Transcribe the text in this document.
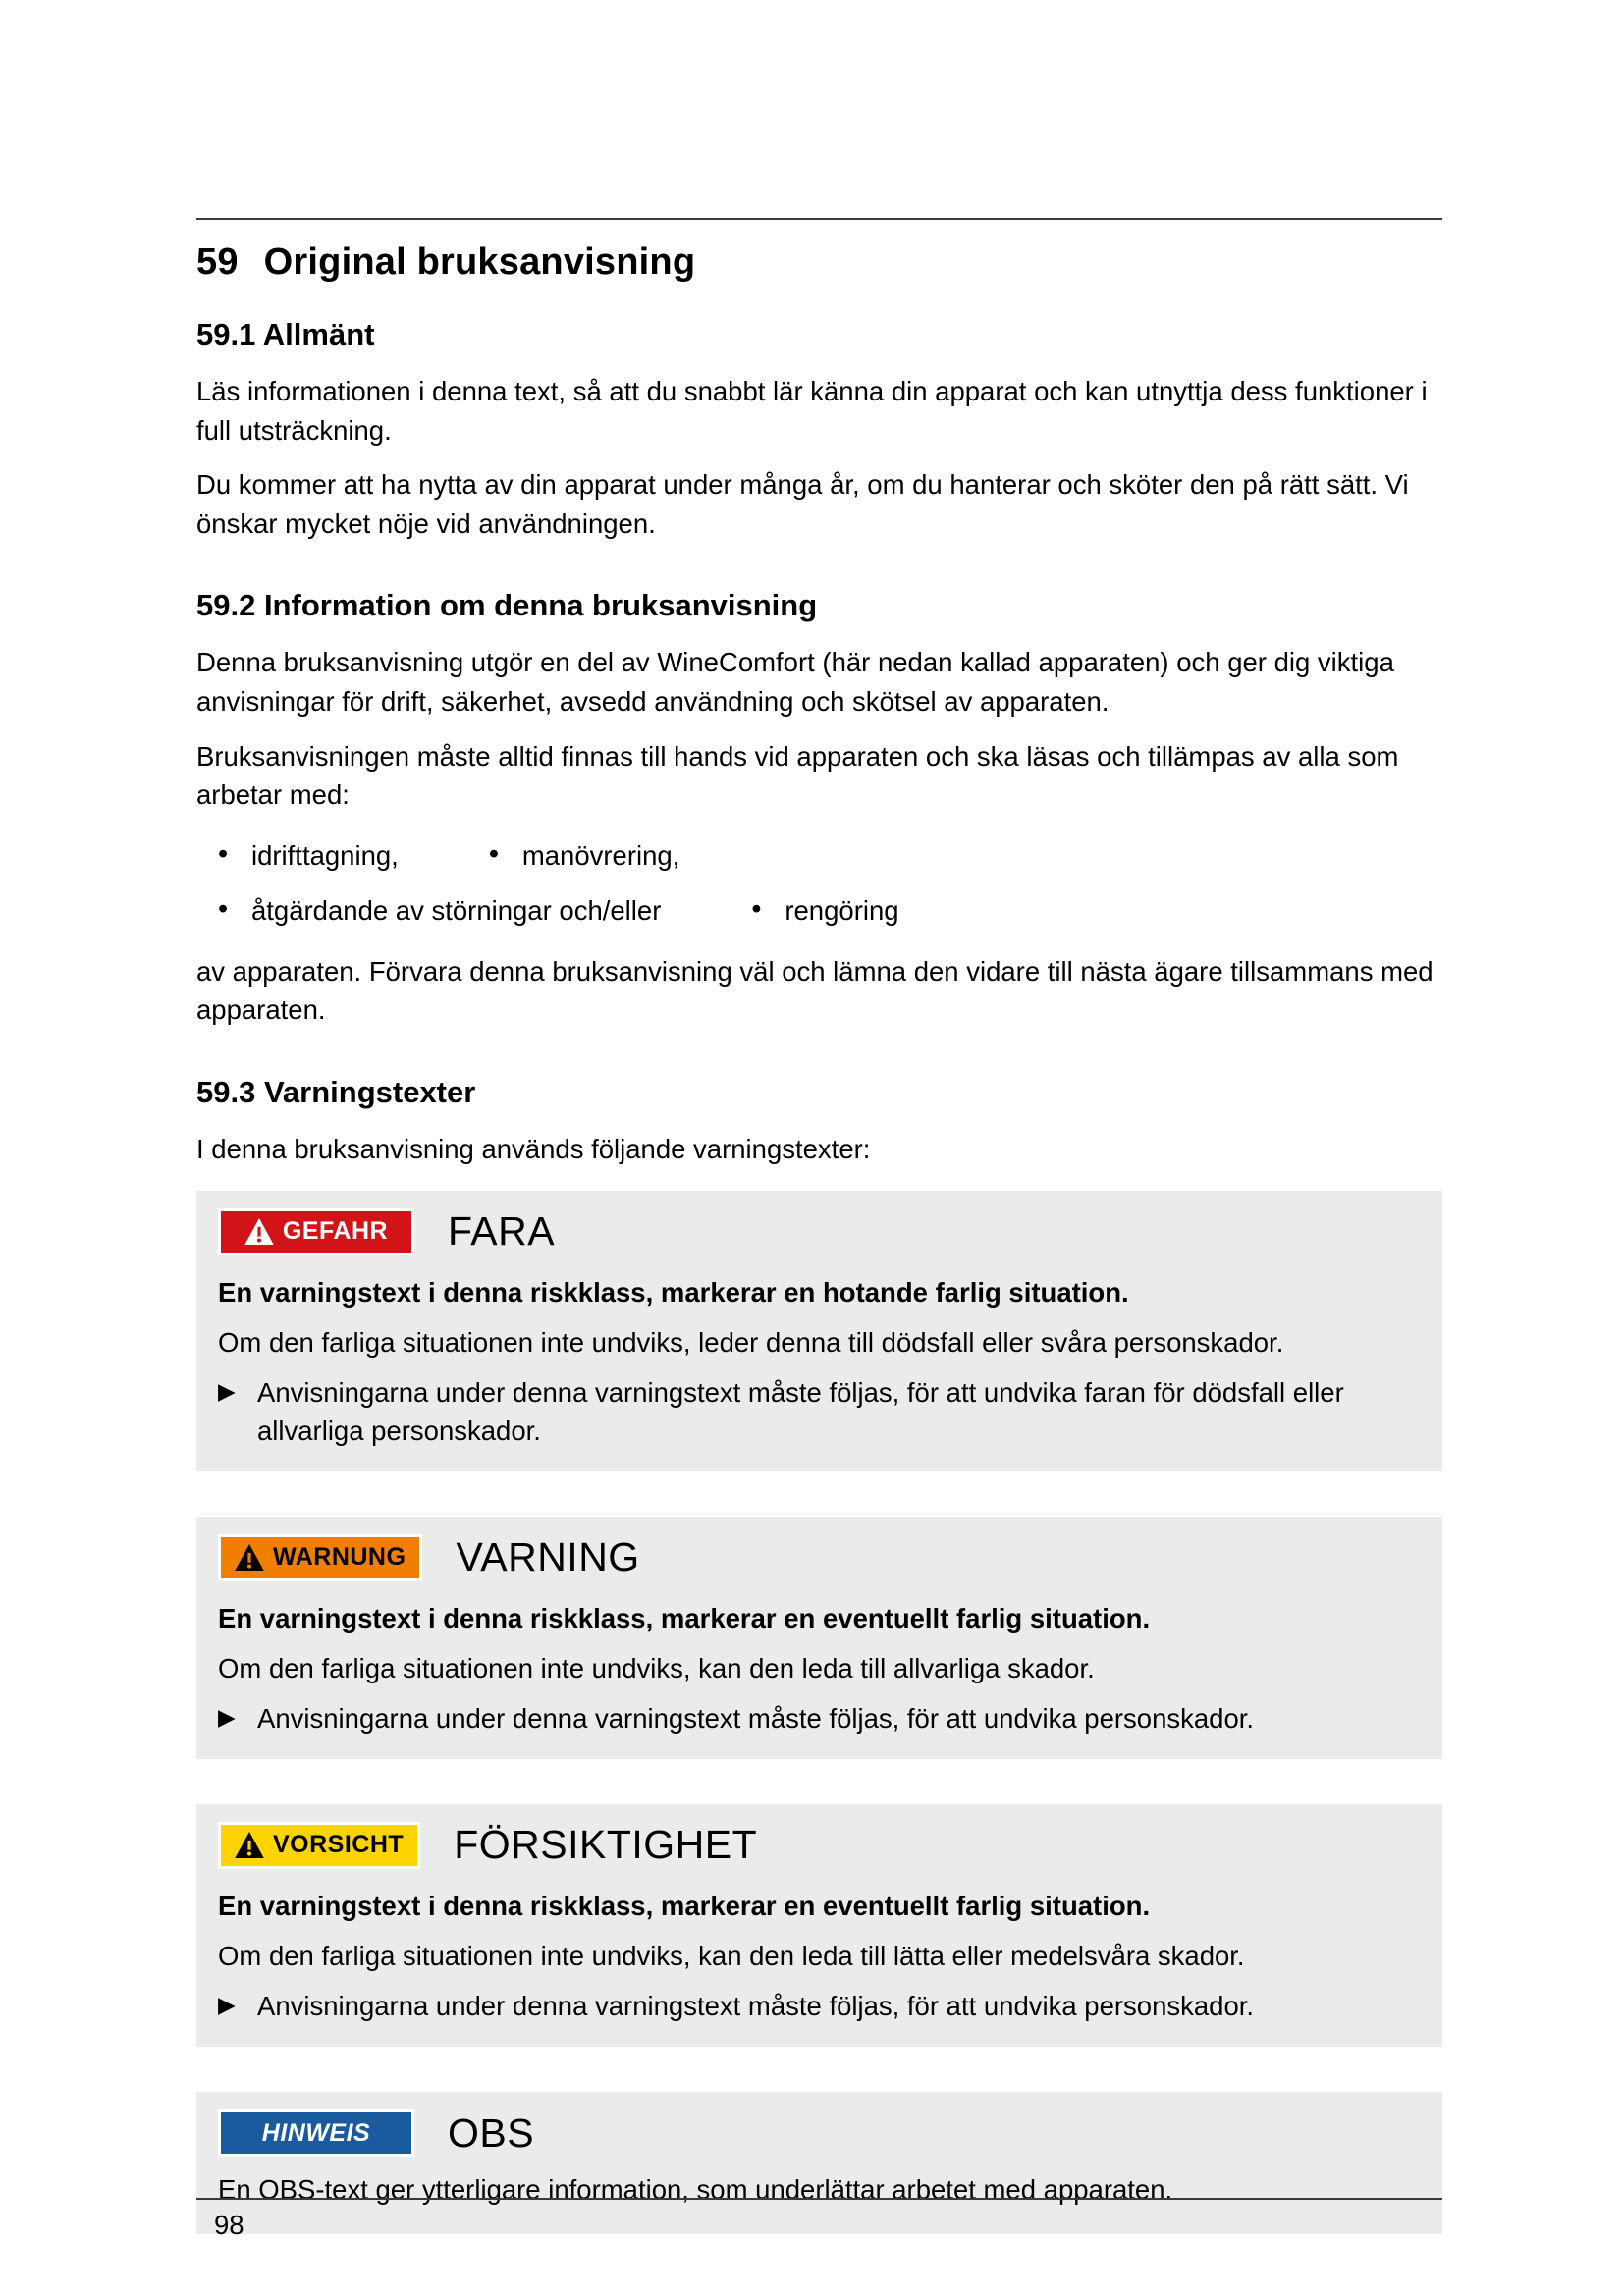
59 Original bruksanvisning
59.1 Allmänt

Läs informationen i denna text, så att du snabbt lär känna din apparat och kan utnyttja dess funktioner i full utsträckning.

Du kommer att ha nytta av din apparat under många år, om du hanterar och sköter den på rätt sätt. Vi önskar mycket nöje vid användningen.

59.2 Information om denna bruksanvisning

Denna bruksanvisning utgör en del av WineComfort (här nedan kallad apparaten) och ger dig viktiga anvisningar för drift, säkerhet, avsedd användning och skötsel av apparaten.

Bruksanvisningen måste alltid finnas till hands vid apparaten och ska läsas och tillämpas av alla som arbetar med:

• idrifttagning,	• manövrering,
• åtgärdande av störningar och/eller	• rengöring

av apparaten. Förvara denna bruksanvisning väl och lämna den vidare till nästa ägare tillsammans med apparaten.

59.3 Varningstexter

I denna bruksanvisning används följande varningstexter:

GEFAHR FARA

En varningstext i denna riskklass, markerar en hotande farlig situation.

Om den farliga situationen inte undviks, leder denna till dödsfall eller svåra personskador.

▶ Anvisningarna under denna varningstext måste följas, för att undvika faran för dödsfall eller allvarliga personskador.

WARNUNG VARNING

En varningstext i denna riskklass, markerar en eventuellt farlig situation.

Om den farliga situationen inte undviks, kan den leda till allvarliga skador.

▶ Anvisningarna under denna varningstext måste följas, för att undvika personskador.

VORSICHT FÖRSIKTIGHET

En varningstext i denna riskklass, markerar en eventuellt farlig situation.

Om den farliga situationen inte undviks, kan den leda till lätta eller medelsvåra skador.

▶ Anvisningarna under denna varningstext måste följas, för att undvika personskador.

HINWEIS OBS

En OBS-text ger ytterligare information, som underlättar arbetet med apparaten.

98
